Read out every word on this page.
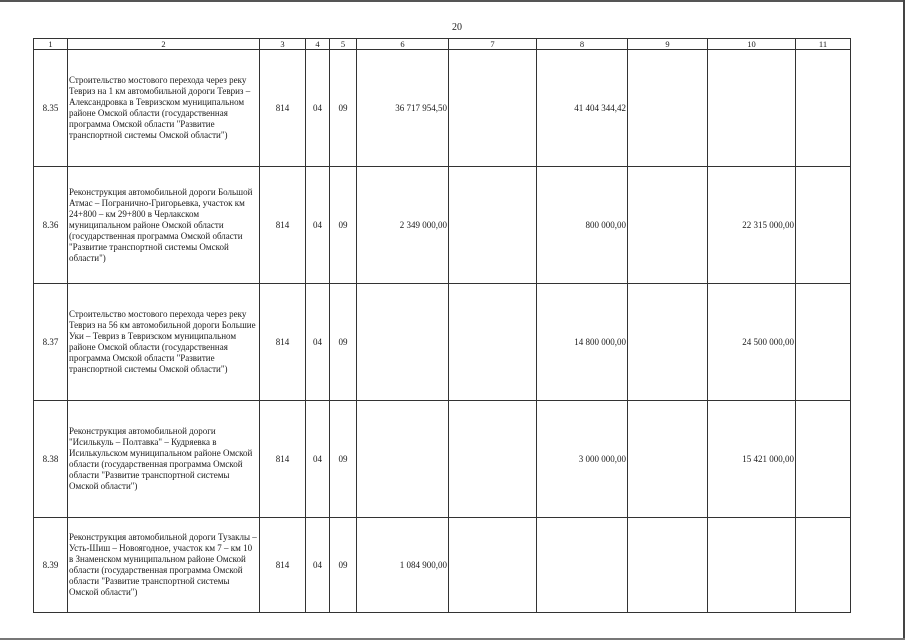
20
1	2	3	4	5	6	7	8	9	10	11
8.35	Строительство мостового перехода через реку Тевриз на 1 км автомобильной дороги Тевриз – Александровка в Тевризском муниципальном районе Омской области (государственная программа Омской области "Развитие транспортной системы Омской области")	814	04	09	36 717 954,50		41 404 344,42			
8.36	Реконструкция автомобильной дороги Большой Атмас – Погранично-Григорьевка, участок км 24+800 – км 29+800 в Черлакском муниципальном районе Омской области (государственная программа Омской области "Развитие транспортной системы Омской области")	814	04	09	2 349 000,00		800 000,00		22 315 000,00	
8.37	Строительство мостового перехода через реку Тевриз на 56 км автомобильной дороги Большие Уки – Тевриз в Тевризском муниципальном районе Омской области (государственная программа Омской области "Развитие транспортной системы Омской области")	814	04	09			14 800 000,00		24 500 000,00	
8.38	Реконструкция автомобильной дороги "Исилькуль – Полтавка" – Кудряевка в Исилькульском муниципальном районе Омской области (государственная программа Омской области "Развитие транспортной системы Омской области")	814	04	09			3 000 000,00		15 421 000,00	
8.39	Реконструкция автомобильной дороги Тузаклы – Усть-Шиш – Новоягодное, участок км 7 – км 10 в Знаменском муниципальном районе Омской области (государственная программа Омской области "Развитие транспортной системы Омской области")	814	04	09	1 084 900,00					
